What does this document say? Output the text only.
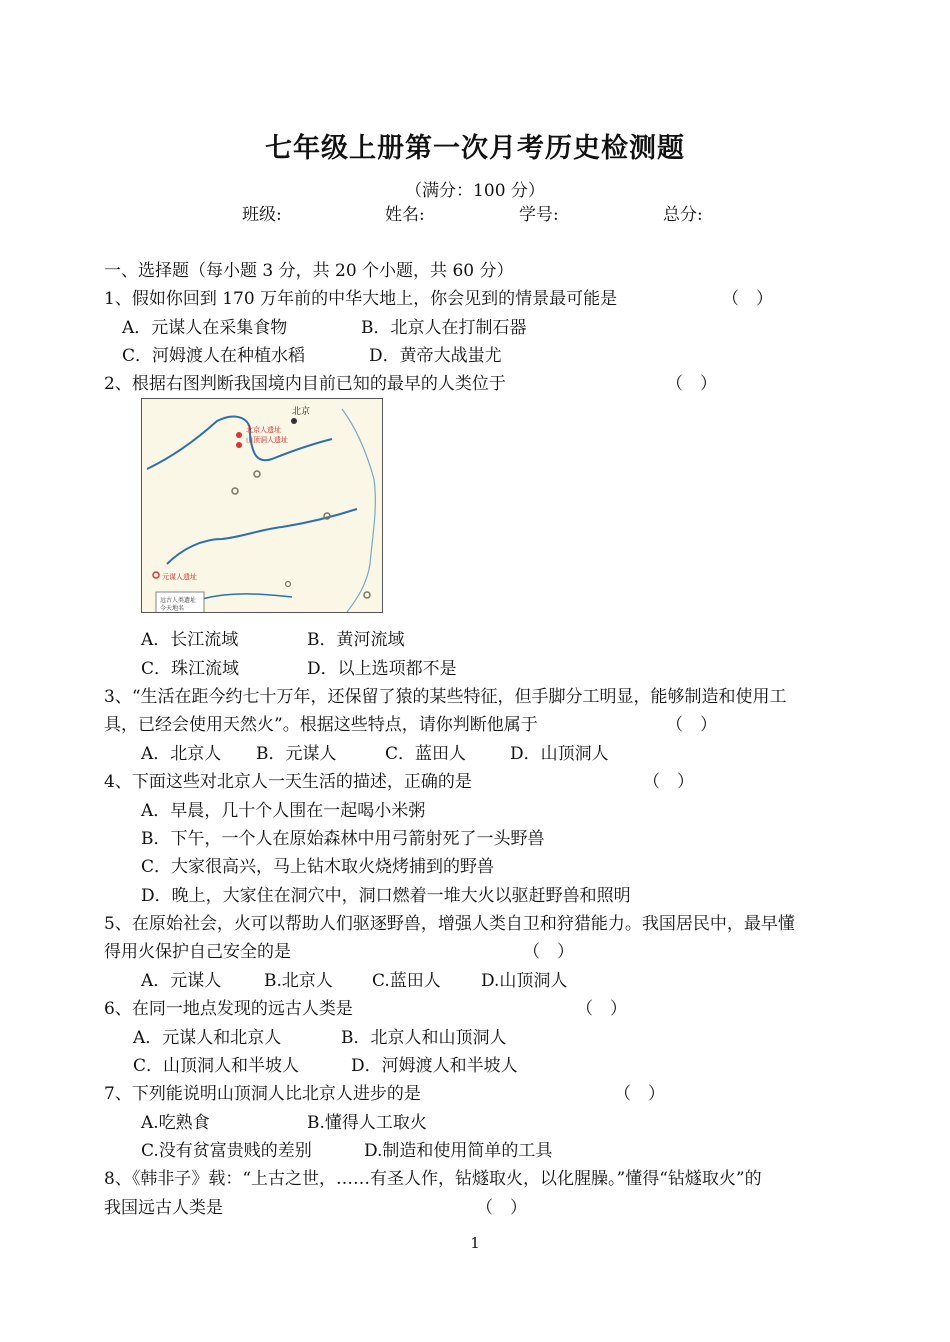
七年级上册第一次月考历史检测题
（满分：100 分）
班级:	姓名:	学号:	总分:
一、选择题（每小题 3 分，共 20 个小题，共 60 分）
1、假如你回到 170 万年前的中华大地上，你会见到的情景最可能是	（　）
A．元谋人在采集食物	B．北京人在打制石器
C．河姆渡人在种植水稻	D．黄帝大战蚩尤
2、根据右图判断我国境内目前已知的最早的人类位于	（　）
北京
北京人遗址
山顶洞人遗址
元谋人遗址
远古人类遗址
今天地名
A．长江流域	B．黄河流域
C．珠江流域	D．以上选项都不是
3、“生活在距今约七十万年，还保留了猿的某些特征，但手脚分工明显，能够制造和使用工
具，已经会使用天然火”。根据这些特点，请你判断他属于	（　）
A．北京人 B．元谋人	C．蓝田人	D．山顶洞人
4、下面这些对北京人一天生活的描述，正确的是	（　）
A．早晨，几十个人围在一起喝小米粥
B．下午，一个人在原始森林中用弓箭射死了一头野兽
C．大家很高兴，马上钻木取火烧烤捕到的野兽
D．晚上，大家住在洞穴中，洞口燃着一堆大火以驱赶野兽和照明
5、在原始社会，火可以帮助人们驱逐野兽，增强人类自卫和狩猎能力。我国居民中，最早懂
得用火保护自己安全的是	（　）
A．元谋人	B.北京人 C.蓝田人 D.山顶洞人
6、在同一地点发现的远古人类是	（　）
A．元谋人和北京人	B．北京人和山顶洞人
C．山顶洞人和半坡人	D．河姆渡人和半坡人
7、下列能说明山顶洞人比北京人进步的是	（　）
A.吃熟食	B.懂得人工取火
C.没有贫富贵贱的差别	D.制造和使用简单的工具
8、《韩非子》载：“上古之世，……有圣人作，钻燧取火，以化腥臊。”懂得“钻燧取火”的
我国远古人类是	（　）
1
